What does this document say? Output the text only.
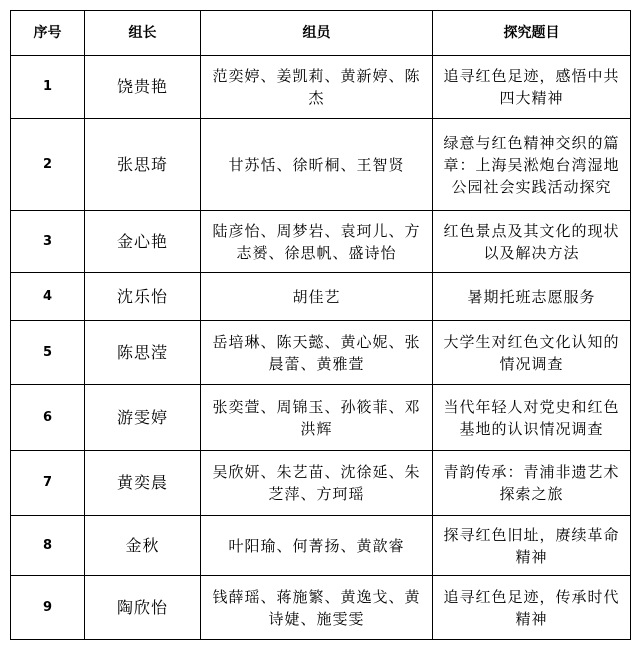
序号	组长	组员	探究题目
1	饶贵艳	范奕婷、姜凯莉、黄新婷、陈杰	追寻红色足迹，感悟中共四大精神
2	张思琦	甘苏恬、徐昕桐、王智贤	绿意与红色精神交织的篇章：上海吴淞炮台湾湿地公园社会实践活动探究
3	金心艳	陆彦怡、周梦岩、袁珂儿、方志赟、徐思帆、盛诗怡	红色景点及其文化的现状以及解决方法
4	沈乐怡	胡佳艺	暑期托班志愿服务
5	陈思滢	岳培琳、陈天懿、黄心妮、张晨蕾、黄雅萱	大学生对红色文化认知的情况调查
6	游雯婷	张奕萱、周锦玉、孙筱菲、邓洪辉	当代年轻人对党史和红色基地的认识情况调查
7	黄奕晨	吴欣妍、朱艺苗、沈徐延、朱芝萍、方珂瑶	青韵传承：青浦非遗艺术探索之旅
8	金秋	叶阳瑜、何菁扬、黄歆睿	探寻红色旧址，赓续革命精神
9	陶欣怡	钱薛瑶、蒋施繁、黄逸戈、黄诗婕、施雯雯	追寻红色足迹，传承时代精神
